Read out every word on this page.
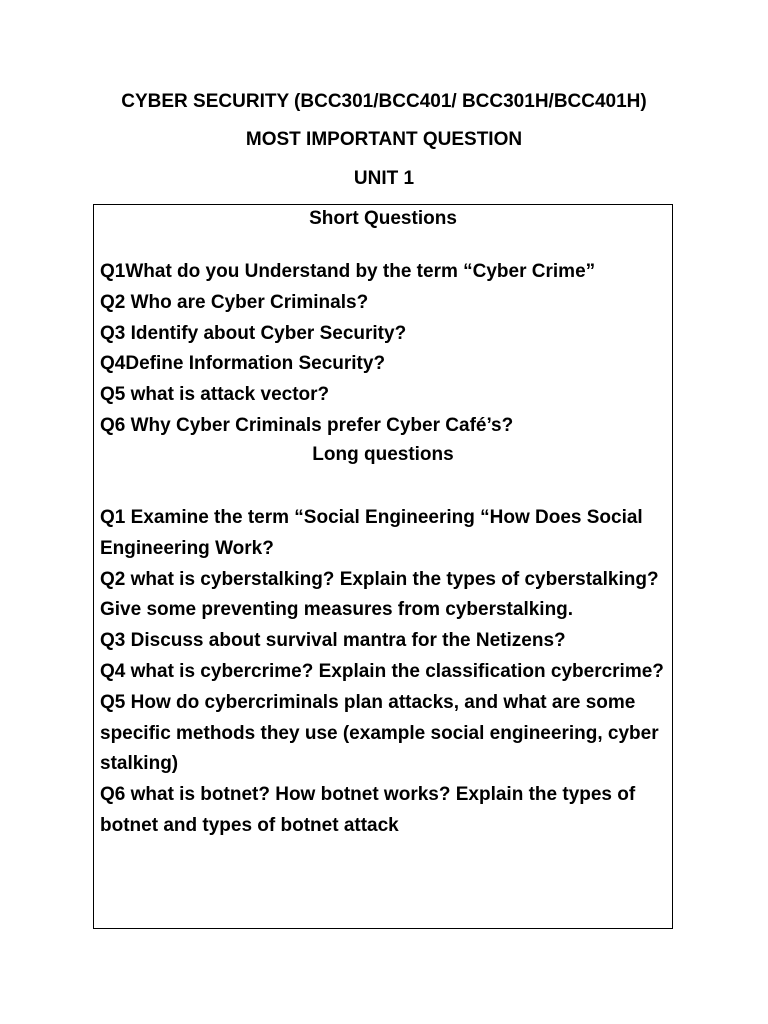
CYBER SECURITY (BCC301/BCC401/ BCC301H/BCC401H)
MOST IMPORTANT QUESTION
UNIT 1
Short Questions
Q1What do you Understand by the term “Cyber Crime”
Q2 Who are Cyber Criminals?
Q3 Identify about Cyber Security?
Q4Define Information Security?
Q5 what is attack vector?
Q6 Why Cyber Criminals prefer Cyber Café’s?
Long questions
Q1 Examine the term “Social Engineering “How Does Social Engineering Work?
Q2 what is cyberstalking? Explain the types of cyberstalking? Give some preventing measures from cyberstalking.
Q3 Discuss about survival mantra for the Netizens?
Q4 what is cybercrime? Explain the classification cybercrime?
Q5 How do cybercriminals plan attacks, and what are some specific methods they use (example social engineering, cyber stalking)
Q6 what is botnet? How botnet works? Explain the types of botnet and types of botnet attack
